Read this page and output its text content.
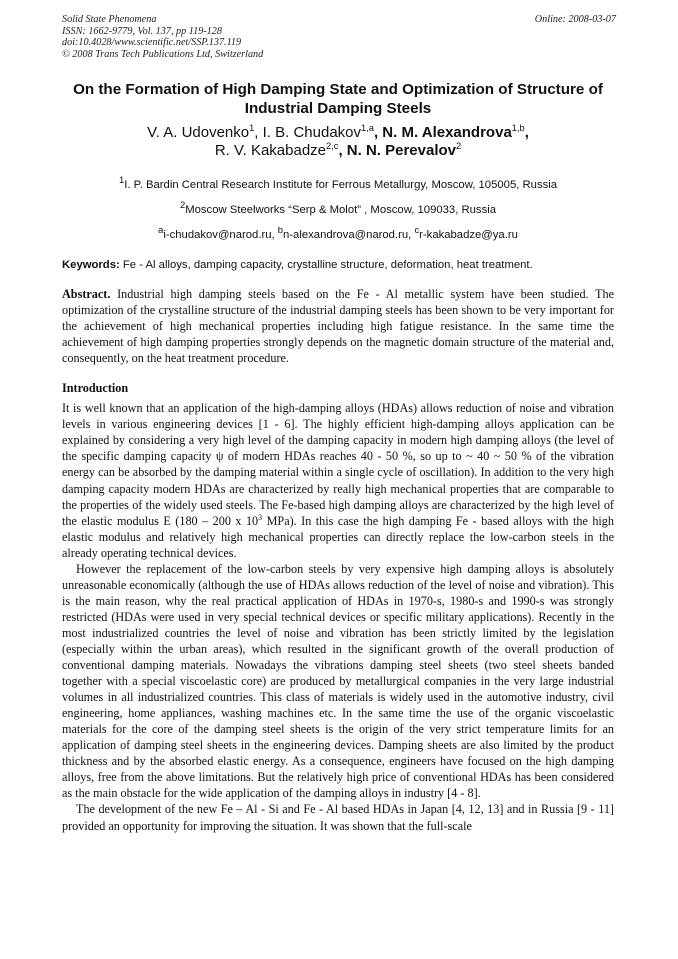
Solid State Phenomena
ISSN: 1662-9779, Vol. 137, pp 119-128
doi:10.4028/www.scientific.net/SSP.137.119
© 2008 Trans Tech Publications Ltd, Switzerland
Online: 2008-03-07
On the Formation of High Damping State and Optimization of Structure of Industrial Damping Steels
V. A. Udovenko$^1$, I. B. Chudakov$^{1,a}$, N. M. Alexandrova$^{1,b}$,
R. V. Kakabadze$^{2,c}$, N. N. Perevalov$^2$
$^1$I. P. Bardin Central Research Institute for Ferrous Metallurgy, Moscow, 105005, Russia
$^2$Moscow Steelworks “Serp & Molot” , Moscow, 109033, Russia
$^a$i-chudakov@narod.ru, $^b$n-alexandrova@narod.ru, $^c$r-kakabadze@ya.ru
Keywords: Fe - Al alloys, damping capacity, crystalline structure, deformation, heat treatment.
Abstract. Industrial high damping steels based on the Fe - Al metallic system have been studied. The optimization of the crystalline structure of the industrial damping steels has been shown to be very important for the achievement of high mechanical properties including high fatigue resistance. In the same time the achievement of high damping properties strongly depends on the magnetic domain structure of the material and, consequently, on the heat treatment procedure.
Introduction
It is well known that an application of the high-damping alloys (HDAs) allows reduction of noise and vibration levels in various engineering devices [1 - 6]. The highly efficient high-damping alloys application can be explained by considering a very high level of the damping capacity in modern high damping alloys (the level of the specific damping capacity ψ of modern HDAs reaches 40 - 50 %, so up to ~ 40 ~ 50 % of the vibration energy can be absorbed by the damping material within a single cycle of oscillation). In addition to the very high damping capacity modern HDAs are characterized by really high mechanical properties that are comparable to the properties of the widely used steels. The Fe-based high damping alloys are characterized by the high level of the elastic modulus E (180 – 200 x $10^3$ MPa). In this case the high damping Fe - based alloys with the high elastic modulus and relatively high mechanical properties can directly replace the low-carbon steels in the already operating technical devices.
However the replacement of the low-carbon steels by very expensive high damping alloys is absolutely unreasonable economically (although the use of HDAs allows reduction of the level of noise and vibration). This is the main reason, why the real practical application of HDAs in 1970-s, 1980-s and 1990-s was strongly restricted (HDAs were used in very special technical devices or specific military applications). Recently in the most industrialized countries the level of noise and vibration has been strictly limited by the legislation (especially within the urban areas), which resulted in the significant growth of the overall production of conventional damping materials. Nowadays the vibrations damping steel sheets (two steel sheets banded together with a special viscoelastic core) are produced by metallurgical companies in the very large industrial volumes in all industrialized countries. This class of materials is widely used in the automotive industry, civil engineering, home appliances, washing machines etc. In the same time the use of the organic viscoelastic materials for the core of the damping steel sheets is the origin of the very strict temperature limits for an application of damping steel sheets in the engineering devices. Damping sheets are also limited by the product thickness and by the absorbed elastic energy. As a consequence, engineers have focused on the high damping alloys, free from the above limitations. But the relatively high price of conventional HDAs has been considered as the main obstacle for the wide application of the damping alloys in industry [4 - 8].
The development of the new Fe – Al - Si and Fe - Al based HDAs in Japan [4, 12, 13] and in Russia [9 - 11] provided an opportunity for improving the situation. It was shown that the full-scale
